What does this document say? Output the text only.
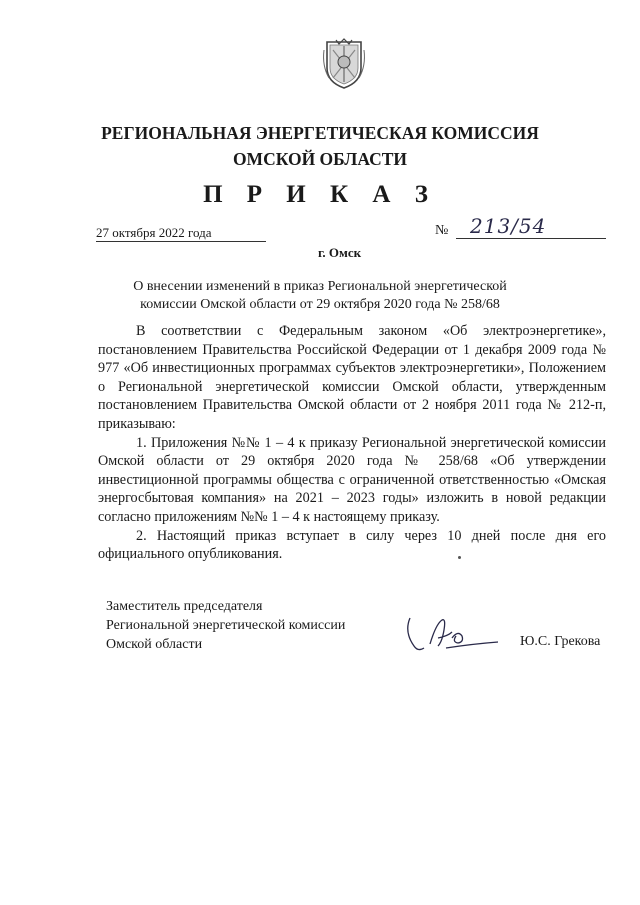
РЕГИОНАЛЬНАЯ ЭНЕРГЕТИЧЕСКАЯ КОМИССИЯ
ОМСКОЙ ОБЛАСТИ
П Р И К А З
27 октября 2022 года	№ 213/54
г. Омск
О внесении изменений в приказ Региональной энергетической
комиссии Омской области от 29 октября 2020 года № 258/68

В соответствии с Федеральным законом «Об электроэнергетике», постановлением Правительства Российской Федерации от 1 декабря 2009 года № 977 «Об инвестиционных программах субъектов электроэнергетики», Положением о Региональной энергетической комиссии Омской области, утвержденным постановлением Правительства Омской области от 2 ноября 2011 года № 212-п, приказываю:

1. Приложения №№ 1 – 4 к приказу Региональной энергетической комиссии Омской области от 29 октября 2020 года № 258/68 «Об утверждении инвестиционной программы общества с ограниченной ответственностью «Омская энергосбытовая компания» на 2021 – 2023 годы» изложить в новой редакции согласно приложениям №№ 1 – 4 к настоящему приказу.

2. Настоящий приказ вступает в силу через 10 дней после дня его официального опубликования.

Заместитель председателя
Региональной энергетической комиссии
Омской области	Ю.С. Грекова
